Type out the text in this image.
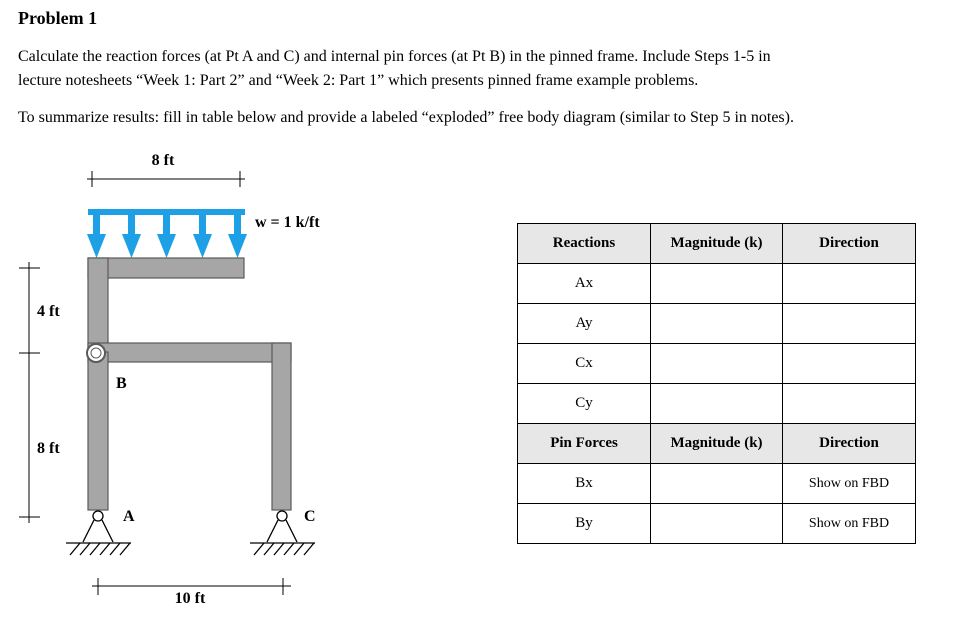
Problem 1
Calculate the reaction forces (at Pt A and C) and internal pin forces (at Pt B) in the pinned frame. Include Steps 1-5 in
lecture notesheets “Week 1: Part 2” and “Week 2: Part 1” which presents pinned frame example problems.
To summarize results: fill in table below and provide a labeled “exploded” free body diagram (similar to Step 5 in notes).
8 ft
w = 1 k/ft
B
A	C
4 ft
8 ft
10 ft
Reactions	Magnitude (k)	Direction
Ax		
Ay		
Cx		
Cy		
Pin Forces	Magnitude (k)	Direction
Bx		Show on FBD
By		Show on FBD
